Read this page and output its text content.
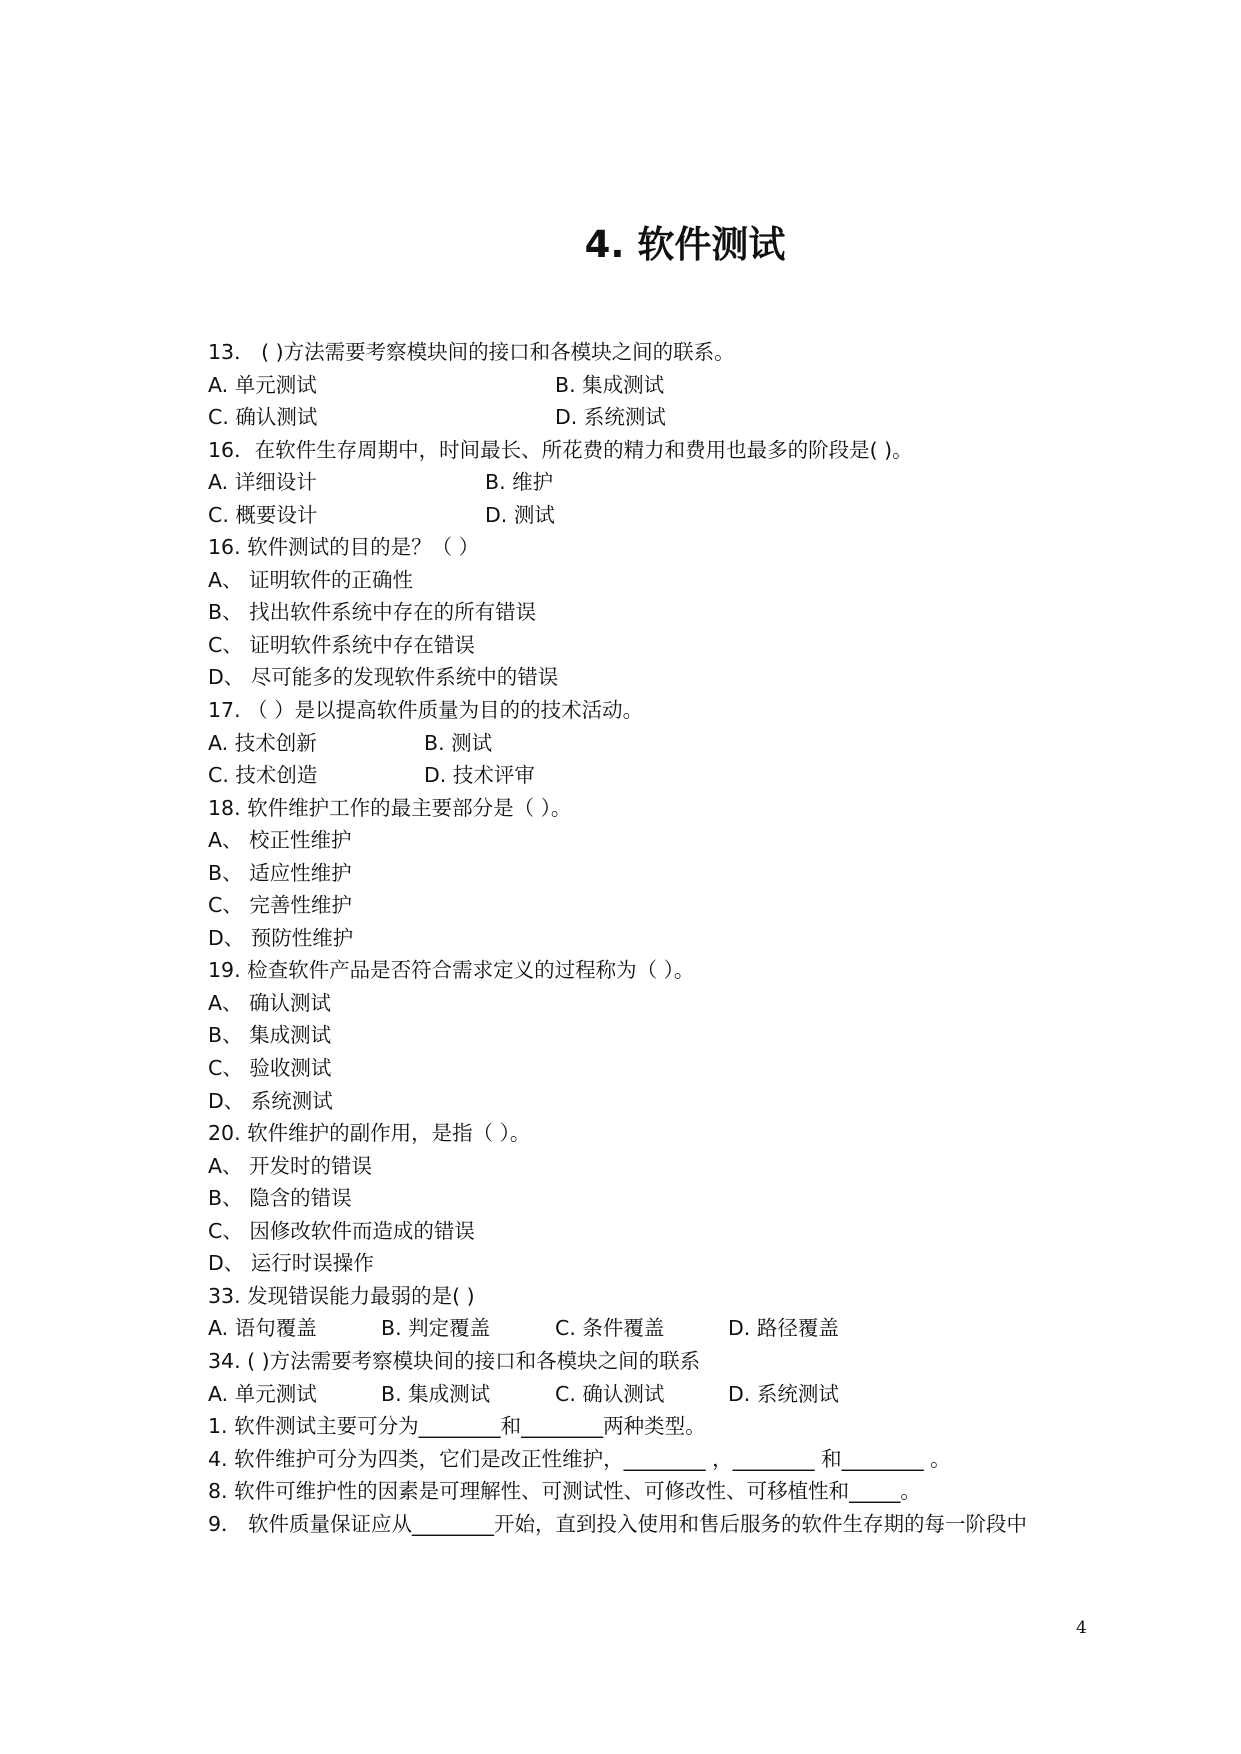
4. 软件测试
13． ( )方法需要考察模块间的接口和各模块之间的联系。
A. 单元测试	B. 集成测试
C. 确认测试	D. 系统测试
16．在软件生存周期中，时间最长、所花费的精力和费用也最多的阶段是( )。
A. 详细设计	B. 维护
C. 概要设计	D. 测试
16. 软件测试的目的是？（ ）
A、 证明软件的正确性
B、 找出软件系统中存在的所有错误
C、 证明软件系统中存在错误
D、 尽可能多的发现软件系统中的错误
17. （ ）是以提高软件质量为目的的技术活动。
A. 技术创新	B. 测试
C. 技术创造	D. 技术评审
18. 软件维护工作的最主要部分是（ ）。
A、 校正性维护
B、 适应性维护
C、 完善性维护
D、 预防性维护
19. 检查软件产品是否符合需求定义的过程称为（ ）。
A、 确认测试
B、 集成测试
C、 验收测试
D、 系统测试
20. 软件维护的副作用，是指（ ）。
A、 开发时的错误
B、 隐含的错误
C、 因修改软件而造成的错误
D、 运行时误操作
33. 发现错误能力最弱的是( )
A. 语句覆盖	B. 判定覆盖	C. 条件覆盖	D. 路径覆盖
34. ( )方法需要考察模块间的接口和各模块之间的联系
A. 单元测试	B. 集成测试	C. 确认测试	D. 系统测试
1. 软件测试主要可分为________和________两种类型。
4. 软件维护可分为四类，它们是改正性维护，________ ，________ 和________ 。
8. 软件可维护性的因素是可理解性、可测试性、可修改性、可移植性和_____。
9． 软件质量保证应从________开始，直到投入使用和售后服务的软件生存期的每一阶段中
4
